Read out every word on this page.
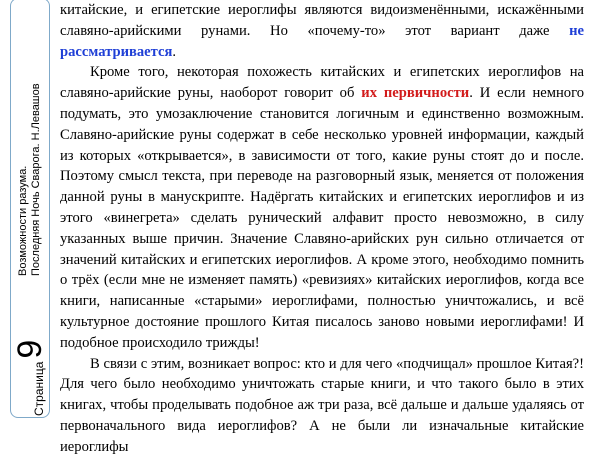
Возможности разума. Последняя Ночь Сварога. Н.Левашов
Страница
9

китайские, и египетские иероглифы являются видоизменёнными, искажёнными славяно-арийскими рунами. Но «почему-то» этот вариант даже не рассматривается.

Кроме того, некоторая похожесть китайских и египетских иероглифов на славяно-арийские руны, наоборот говорит об их первичности. И если немного подумать, это умозаключение становится логичным и единственно возможным. Славяно-арийские руны содержат в себе несколько уровней информации, каждый из которых «открывается», в зависимости от того, какие руны стоят до и после. Поэтому смысл текста, при переводе на разговорный язык, меняется от положения данной руны в манускрипте. Надёргать китайских и египетских иероглифов и из этого «винегрета» сделать рунический алфавит просто невозможно, в силу указанных выше причин. Значение Славяно-арийских рун сильно отличается от значений китайских и египетских иероглифов. А кроме этого, необходимо помнить о трёх (если мне не изменяет память) «ревизиях» китайских иероглифов, когда все книги, написанные «старыми» иероглифами, полностью уничтожались, и всё культурное достояние прошлого Китая писалось заново новыми иероглифами! И подобное происходило трижды!

В связи с этим, возникает вопрос: кто и для чего «подчищал» прошлое Китая?! Для чего было необходимо уничтожать старые книги, и что такого было в этих книгах, чтобы проделывать подобное аж три раза, всё дальше и дальше удаляясь от первоначального вида иероглифов? А не были ли изначальные китайские иероглифы
